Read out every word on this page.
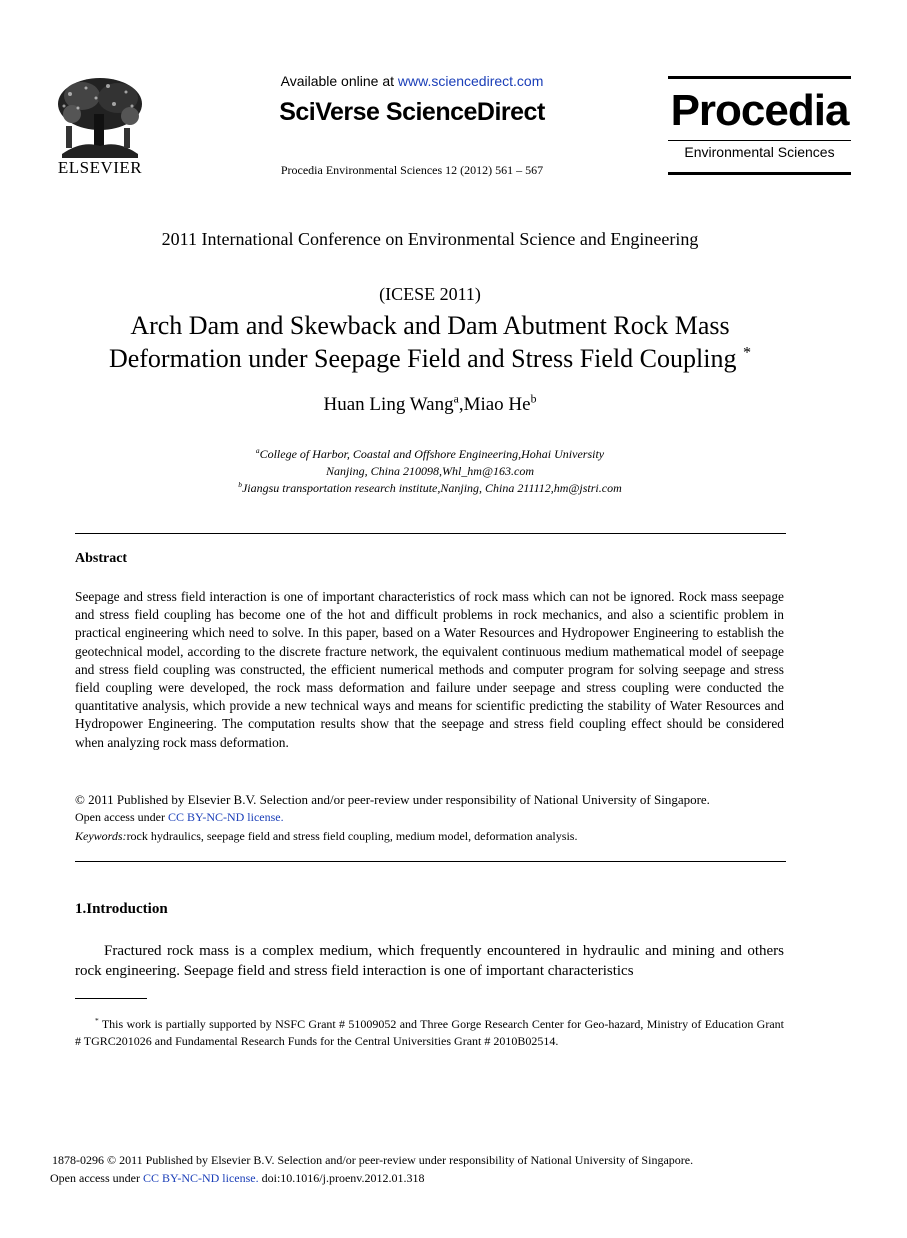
ELSEVIER
Available online at www.sciencedirect.com
SciVerse ScienceDirect
Procedia Environmental Sciences 12 (2012) 561 – 567
Procedia
Environmental Sciences
2011 International Conference on Environmental Science and Engineering
(ICESE 2011)
Arch Dam and Skewback and Dam Abutment Rock Mass
Deformation under Seepage Field and Stress Field Coupling *
Huan Ling Wang$^a$,Miao He$^b$
$^a$College of Harbor, Coastal and Offshore Engineering,Hohai University
Nanjing, China 210098,Whl_hm@163.com
$^b$Jiangsu transportation research institute,Nanjing, China 211112,hm@jstri.com
Abstract
Seepage and stress field interaction is one of important characteristics of rock mass which can not be ignored. Rock mass seepage and stress field coupling has become one of the hot and difficult problems in rock mechanics, and also a scientific problem in practical engineering which need to solve. In this paper, based on a Water Resources and Hydropower Engineering to establish the geotechnical model, according to the discrete fracture network, the equivalent continuous medium mathematical model of seepage and stress field coupling was constructed, the efficient numerical methods and computer program for solving seepage and stress field coupling were developed, the rock mass deformation and failure under seepage and stress coupling were conducted the quantitative analysis, which provide a new technical ways and means for scientific predicting the stability of Water Resources and Hydropower Engineering. The computation results show that the seepage and stress field coupling effect should be considered when analyzing rock mass deformation.
© 2011 Published by Elsevier B.V. Selection and/or peer-review under responsibility of National University of Singapore.
Open access under CC BY-NC-ND license.
Keywords:rock hydraulics, seepage field and stress field coupling, medium model, deformation analysis.
1.Introduction
Fractured rock mass is a complex medium, which frequently encountered in hydraulic and mining and others rock engineering. Seepage field and stress field interaction is one of important characteristics
* This work is partially supported by NSFC Grant # 51009052 and Three Gorge Research Center for Geo-hazard, Ministry of Education Grant # TGRC201026 and Fundamental Research Funds for the Central Universities Grant # 2010B02514.
1878-0296 © 2011 Published by Elsevier B.V. Selection and/or peer-review under responsibility of National University of Singapore.
Open access under CC BY-NC-ND license. doi:10.1016/j.proenv.2012.01.318
